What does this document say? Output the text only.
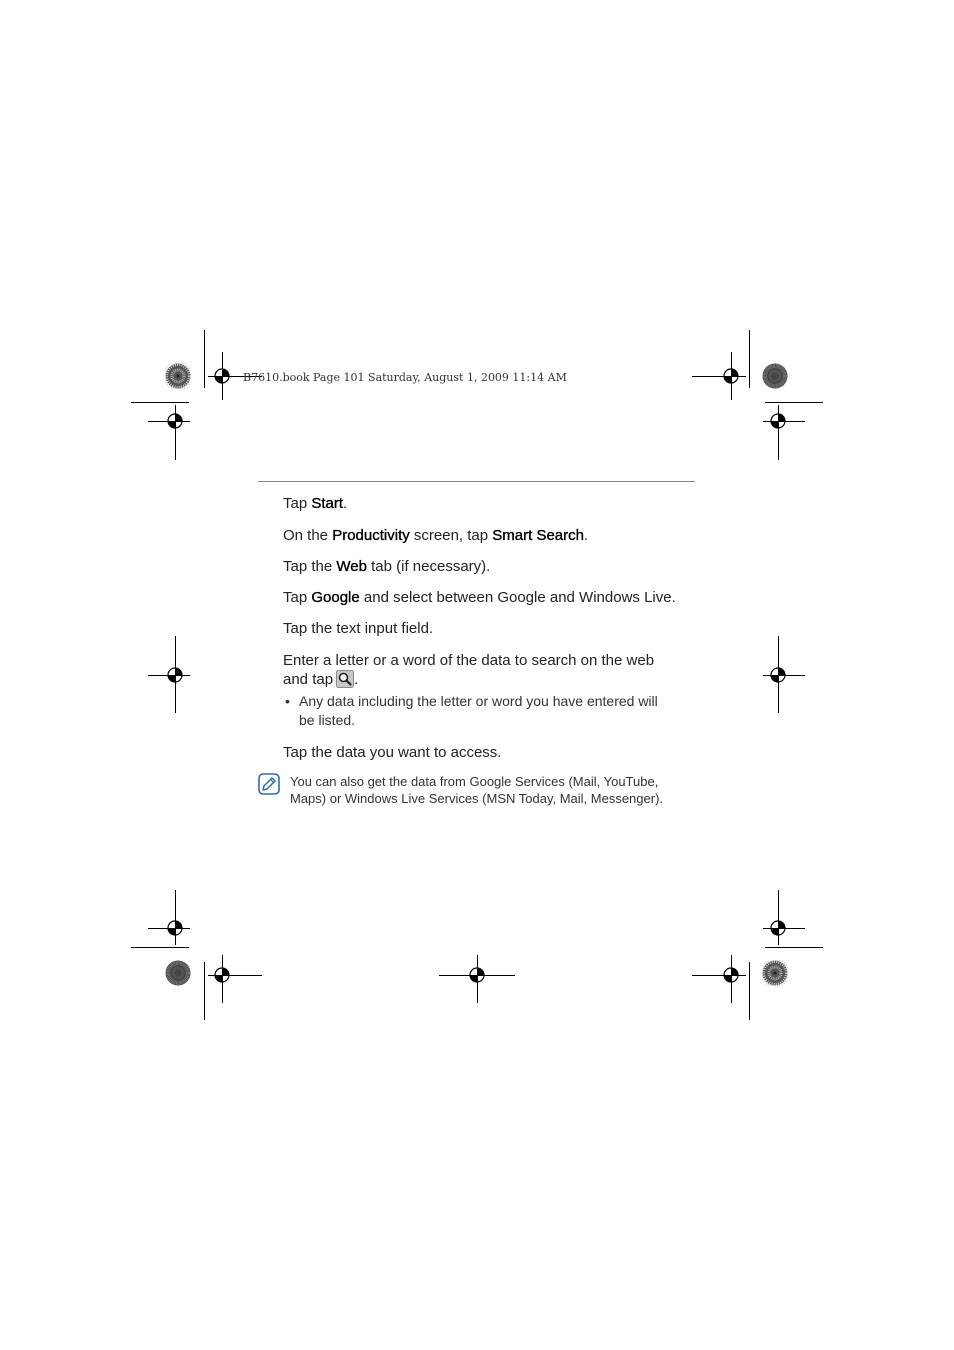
B7610.book Page 101 Saturday, August 1, 2009 11:14 AM
Tap Start.
On the Productivity screen, tap Smart Search.
Tap the Web tab (if necessary).
Tap Google and select between Google and Windows Live.
Tap the text input field.
Enter a letter or a word of the data to search on the web
and tap .
• Any data including the letter or word you have entered will
be listed.
Tap the data you want to access.
You can also get the data from Google Services (Mail, YouTube,
Maps) or Windows Live Services (MSN Today, Mail, Messenger).
